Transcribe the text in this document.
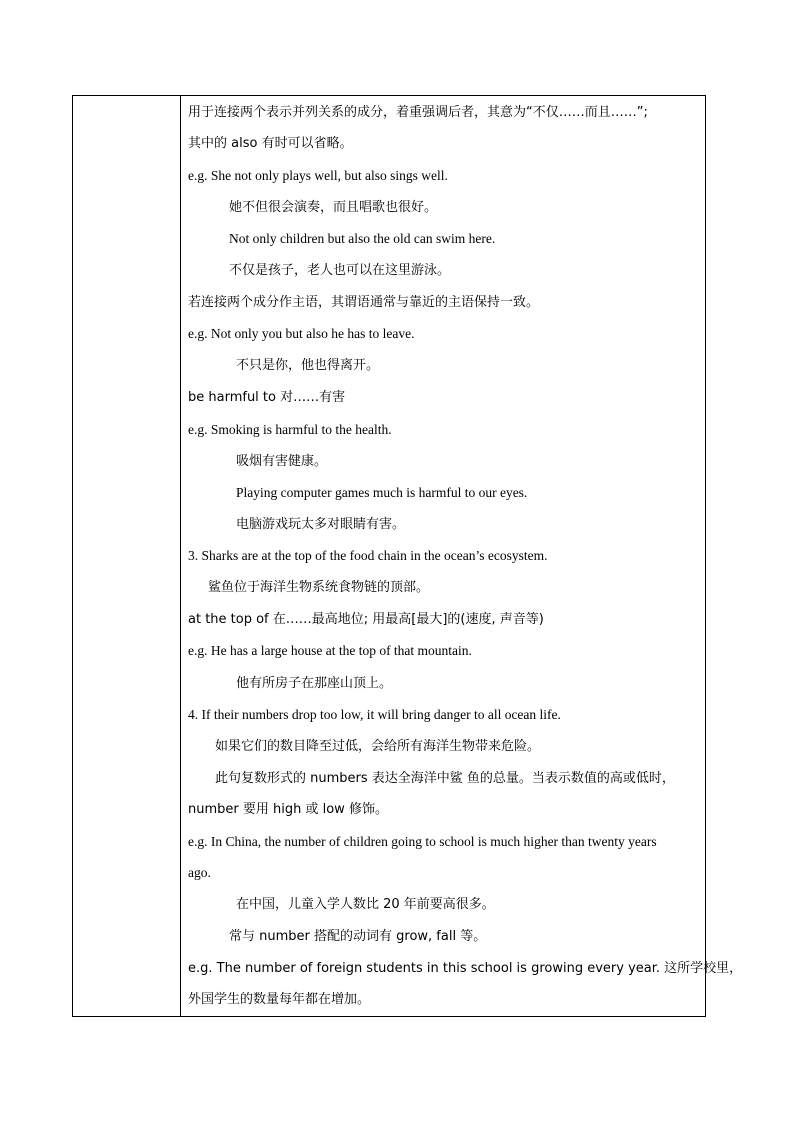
用于连接两个表示并列关系的成分，着重强调后者，其意为“不仅……而且……”;
其中的 also 有时可以省略。
e.g. She not only plays well, but also sings well.
她不但很会演奏，而且唱歌也很好。
Not only children but also the old can swim here.
不仅是孩子，老人也可以在这里游泳。
若连接两个成分作主语，其谓语通常与靠近的主语保持一致。
e.g. Not only you but also he has to leave.
不只是你，他也得离开。
be harmful to 对……有害
e.g. Smoking is harmful to the health.
吸烟有害健康。
Playing computer games much is harmful to our eyes.
电脑游戏玩太多对眼睛有害。
3. Sharks are at the top of the food chain in the ocean’s ecosystem.
鲨鱼位于海洋生物系统食物链的顶部。
at the top of 在……最高地位; 用最高[最大]的(速度, 声音等)
e.g. He has a large house at the top of that mountain.
他有所房子在那座山顶上。
4. If their numbers drop too low, it will bring danger to all ocean life.
如果它们的数目降至过低，会给所有海洋生物带来危险。
此句复数形式的 numbers 表达全海洋中鲨 鱼的总量。当表示数值的高或低时，
number 要用 high 或 low 修饰。
e.g. In China, the number of children going to school is much higher than twenty years
ago.
在中国，儿童入学人数比 20 年前要高很多。
常与 number 搭配的动词有 grow, fall 等。
e.g. The number of foreign students in this school is growing every year. 这所学校里，
外国学生的数量每年都在增加。
